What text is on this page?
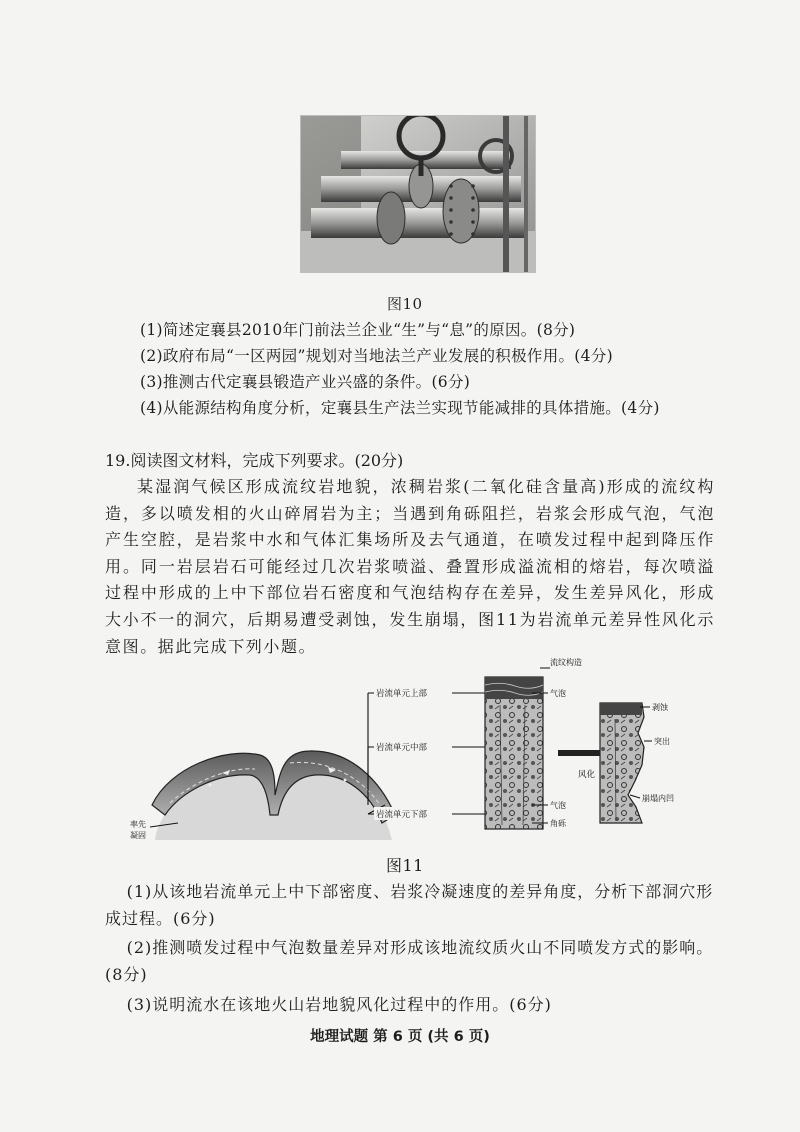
图10
(1)简述定襄县2010年门前法兰企业“生”与“息”的原因。(8分)
(2)政府布局“一区两园”规划对当地法兰产业发展的积极作用。(4分)
(3)推测古代定襄县锻造产业兴盛的条件。(6分)
(4)从能源结构角度分析，定襄县生产法兰实现节能减排的具体措施。(4分)
19.阅读图文材料，完成下列要求。(20分)
某湿润气候区形成流纹岩地貌，浓稠岩浆(二氧化硅含量高)形成的流纹构造，多以喷发相的火山碎屑岩为主；当遇到角砾阻拦，岩浆会形成气泡，气泡产生空腔，是岩浆中水和气体汇集场所及去气通道，在喷发过程中起到降压作用。同一岩层岩石可能经过几次岩浆喷溢、叠置形成溢流相的熔岩，每次喷溢过程中形成的上中下部位岩石密度和气泡结构存在差异，发生差异风化，形成大小不一的洞穴，后期易遭受剥蚀，发生崩塌，图11为岩流单元差异性风化示意图。据此完成下列小题。
率先
凝固
岩流单元上部
岩流单元中部
岩流单元下部
流纹构造
气泡
气泡
角砾
风化
剥蚀
突出
崩塌内凹
图11
(1)从该地岩流单元上中下部密度、岩浆冷凝速度的差异角度，分析下部洞穴形成过程。(6分)
(2)推测喷发过程中气泡数量差异对形成该地流纹质火山不同喷发方式的影响。(8分)
(3)说明流水在该地火山岩地貌风化过程中的作用。(6分)
地理试题 第 6 页 (共 6 页)
